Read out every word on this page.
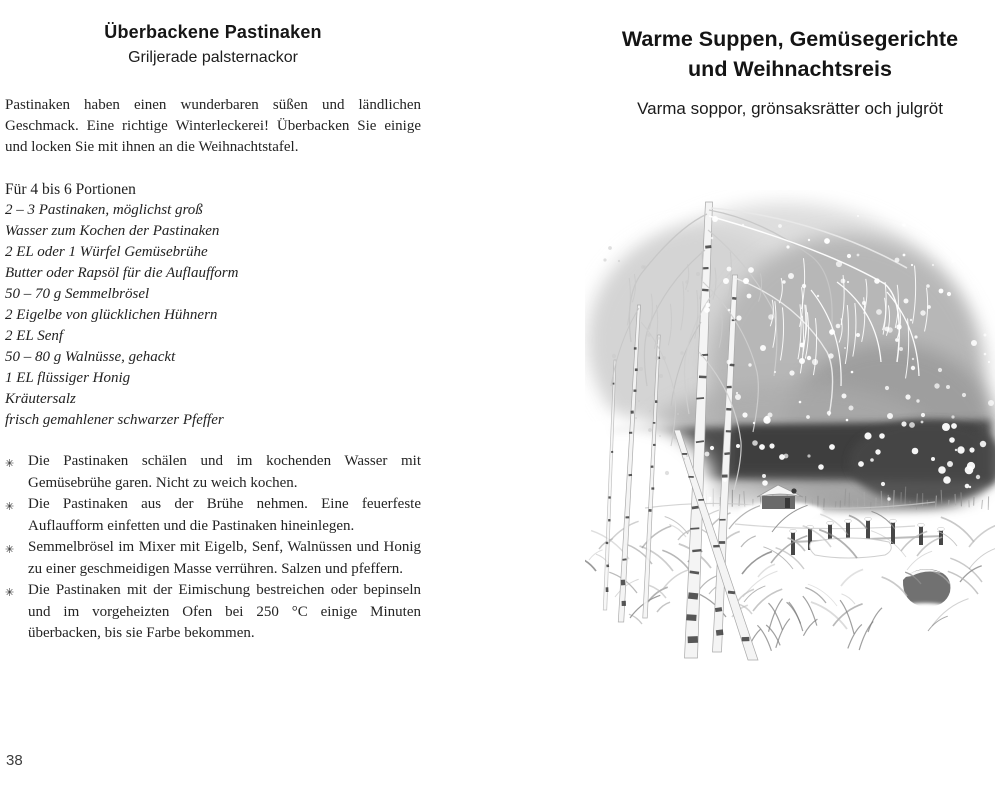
Überbackene Pastinaken
Griljerade palsternackor

Pastinaken haben einen wunderbaren süßen und ländlichen Geschmack. Eine richtige Winterleckerei! Überbacken Sie einige und locken Sie mit ihnen an die Weihnachtstafel.

Für 4 bis 6 Portionen

2 – 3 Pastinaken, möglichst groß
Wasser zum Kochen der Pastinaken
2 EL oder 1 Würfel Gemüsebrühe
Butter oder Rapsöl für die Auflaufform
50 – 70 g Semmelbrösel
2 Eigelbe von glücklichen Hühnern
2 EL Senf
50 – 80 g Walnüsse, gehackt
1 EL flüssiger Honig
Kräutersalz
frisch gemahlener schwarzer Pfeffer
✳ Die Pastinaken schälen und im kochenden Wasser mit Gemüsebrühe garen. Nicht zu weich kochen.
✳ Die Pastinaken aus der Brühe nehmen. Eine feuerfeste Auflaufform einfetten und die Pastinaken hineinlegen.
✳ Semmelbrösel im Mixer mit Eigelb, Senf, Walnüssen und Honig zu einer geschmeidigen Masse verrühren. Salzen und pfeffern.
✳ Die Pastinaken mit der Eimischung bestreichen oder bepinseln und im vorgeheizten Ofen bei 250 °C einige Minuten überbacken, bis sie Farbe bekommen.
38
Warme Suppen, Gemüsegerichte
und Weihnachtsreis

Varma soppor, grönsaksrätter och julgröt
